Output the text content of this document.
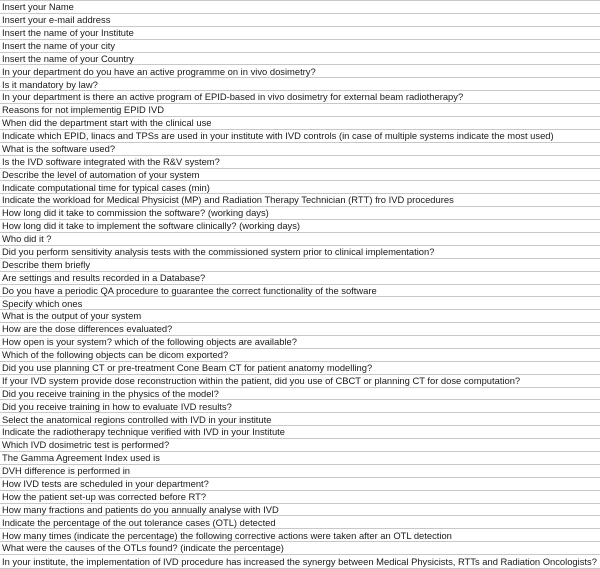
Insert your Name
Insert your e-mail address
Insert the name of your Institute
Insert the name of your city
Insert the name of your Country
In your department do you have an active programme on in vivo dosimetry?
Is it mandatory by law?
In your department is there an active program of EPID-based in vivo dosimetry for external beam radiotherapy?
Reasons for not implementig EPID IVD
When did the department start with the clinical use
Indicate which EPID, linacs and TPSs are used in your institute with IVD controls (in case of multiple systems indicate the most used)
What is the software used?
Is the IVD software integrated with the R&V system?
Describe the level of automation of your system
Indicate computational time for typical cases (min)
Indicate the workload for Medical Physicist (MP) and Radiation Therapy Technician (RTT) fro IVD procedures
How long did it take to commission the software? (working days)
How long did it take to implement the software clinically? (working days)
Who did it ?
Did you perform sensitivity analysis tests with the commissioned system prior to clinical implementation?
Describe them briefly
Are settings and results recorded in a Database?
Do you have a periodic QA procedure to guarantee the correct functionality of the software
Specify which ones
What is the output of your system
How are the dose differences evaluated?
How open is your system? which of the following objects are available?
Which of the following objects can be dicom exported?
Did you use planning CT or pre-treatment Cone Beam CT for patient anatomy modelling?
If your IVD system provide dose reconstruction within the patient, did you use of CBCT or planning CT for dose computation?
Did you receive training in the physics of the model?
Did you receive training in how to evaluate IVD results?
Select the anatomical regions controlled with IVD in your institute
Indicate the radiotherapy technique verified with IVD in your Institute
Which IVD dosimetric test is performed?
The Gamma Agreement Index used is
DVH difference is performed in
How IVD tests are scheduled in your department?
How the patient set-up was corrected before RT?
How many fractions and patients do you annually analyse with IVD
Indicate the percentage of the out tolerance cases (OTL) detected
How many times (indicate the percentage) the following corrective actions were taken after an OTL detection
What were the causes of the OTLs found? (indicate the percentage)
In your institute, the implementation of IVD procedure has increased the synergy between Medical Physicists, RTTs and Radiation Oncologists?
